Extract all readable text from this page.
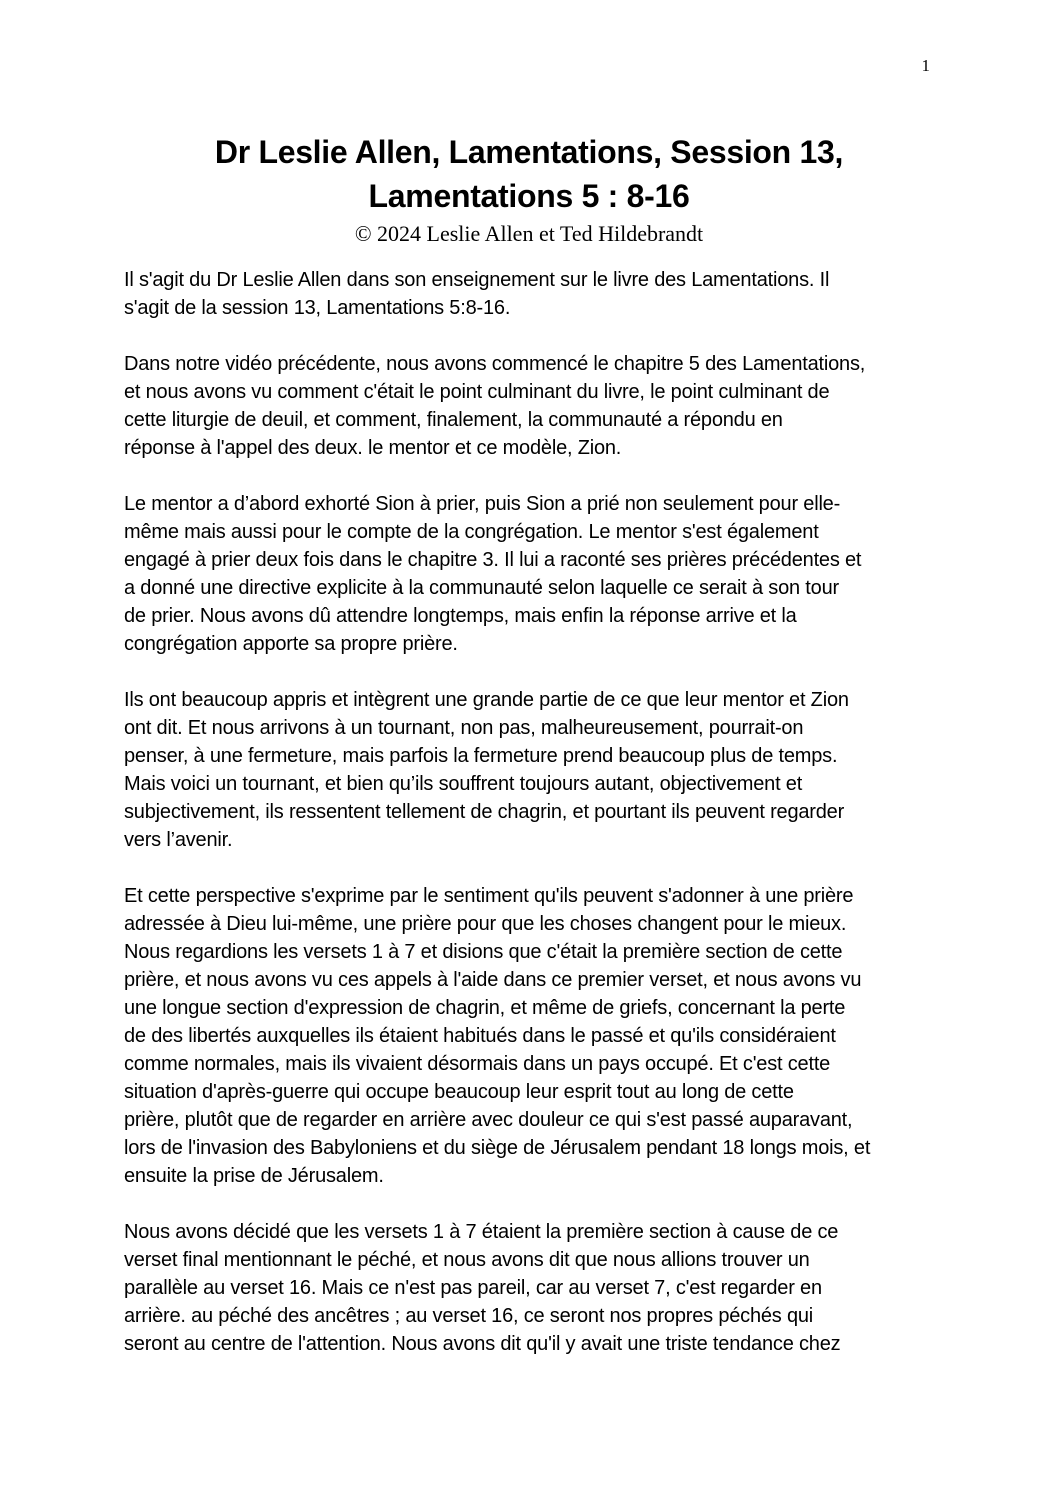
1
Dr Leslie Allen, Lamentations, Session 13,
Lamentations 5 : 8-16
© 2024 Leslie Allen et Ted Hildebrandt
Il s'agit du Dr Leslie Allen dans son enseignement sur le livre des Lamentations. Il
s'agit de la session 13, Lamentations 5:8-16.
Dans notre vidéo précédente, nous avons commencé le chapitre 5 des Lamentations,
et nous avons vu comment c'était le point culminant du livre, le point culminant de
cette liturgie de deuil, et comment, finalement, la communauté a répondu en
réponse à l'appel des deux. le mentor et ce modèle, Zion.
Le mentor a d’abord exhorté Sion à prier, puis Sion a prié non seulement pour elle-
même mais aussi pour le compte de la congrégation. Le mentor s'est également
engagé à prier deux fois dans le chapitre 3. Il lui a raconté ses prières précédentes et
a donné une directive explicite à la communauté selon laquelle ce serait à son tour
de prier. Nous avons dû attendre longtemps, mais enfin la réponse arrive et la
congrégation apporte sa propre prière.
Ils ont beaucoup appris et intègrent une grande partie de ce que leur mentor et Zion
ont dit. Et nous arrivons à un tournant, non pas, malheureusement, pourrait-on
penser, à une fermeture, mais parfois la fermeture prend beaucoup plus de temps.
Mais voici un tournant, et bien qu’ils souffrent toujours autant, objectivement et
subjectivement, ils ressentent tellement de chagrin, et pourtant ils peuvent regarder
vers l’avenir.
Et cette perspective s'exprime par le sentiment qu'ils peuvent s'adonner à une prière
adressée à Dieu lui-même, une prière pour que les choses changent pour le mieux.
Nous regardions les versets 1 à 7 et disions que c'était la première section de cette
prière, et nous avons vu ces appels à l'aide dans ce premier verset, et nous avons vu
une longue section d'expression de chagrin, et même de griefs, concernant la perte
de des libertés auxquelles ils étaient habitués dans le passé et qu'ils considéraient
comme normales, mais ils vivaient désormais dans un pays occupé. Et c'est cette
situation d'après-guerre qui occupe beaucoup leur esprit tout au long de cette
prière, plutôt que de regarder en arrière avec douleur ce qui s'est passé auparavant,
lors de l'invasion des Babyloniens et du siège de Jérusalem pendant 18 longs mois, et
ensuite la prise de Jérusalem.
Nous avons décidé que les versets 1 à 7 étaient la première section à cause de ce
verset final mentionnant le péché, et nous avons dit que nous allions trouver un
parallèle au verset 16. Mais ce n'est pas pareil, car au verset 7, c'est regarder en
arrière. au péché des ancêtres ; au verset 16, ce seront nos propres péchés qui
seront au centre de l'attention. Nous avons dit qu'il y avait une triste tendance chez
